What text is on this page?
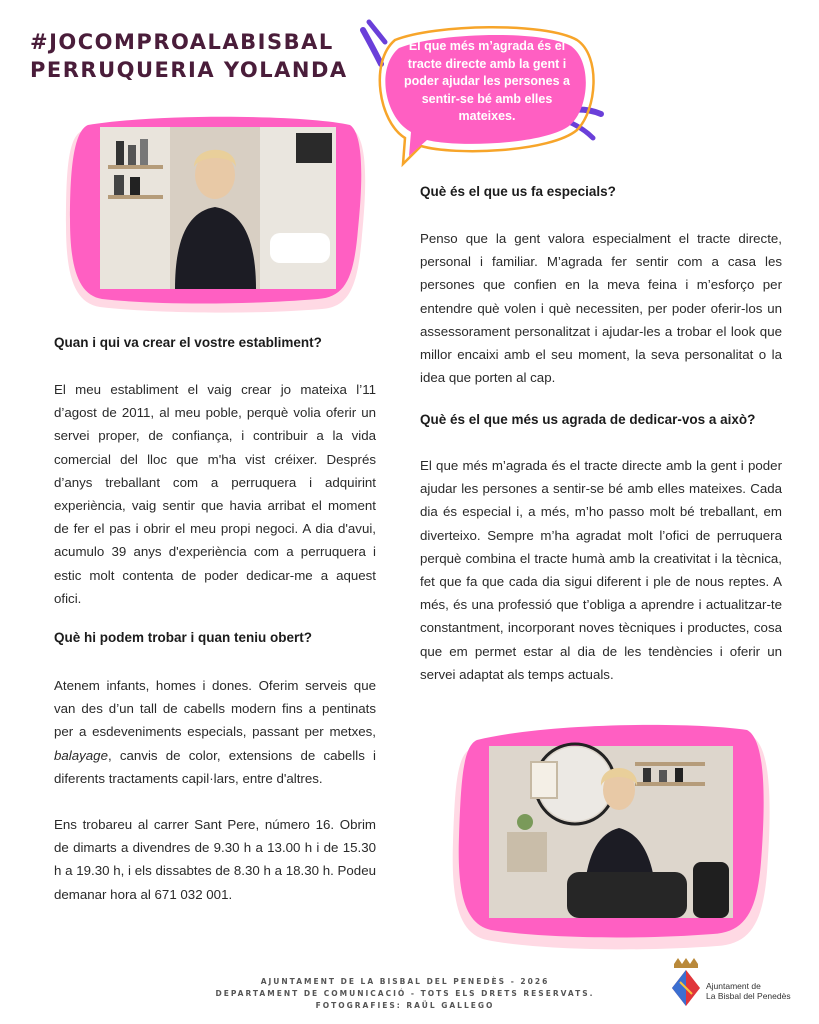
#JOCOMPROALABISBAL
PERRUQUERIA YOLANDA
El que més m’agrada és el tracte directe amb la gent i poder ajudar les persones a sentir-se bé amb elles mateixes.
Quan i qui va crear el vostre establiment?
El meu establiment el vaig crear jo mateixa l’11 d’agost de 2011, al meu poble, perquè volia oferir un servei proper, de confiança, i contribuir a la vida comercial del lloc que m'ha vist créixer. Després d’anys treballant com a perruquera i adquirint experiència, vaig sentir que havia arribat el moment de fer el pas i obrir el meu propi negoci. A dia d'avui, acumulo 39 anys d'experiència com a perruquera i estic molt contenta de poder dedicar-me a aquest ofici.
Què hi podem trobar i quan teniu obert?
Atenem infants, homes i dones. Oferim serveis que van des d’un tall de cabells modern fins a pentinats per a esdeveniments especials, passant per metxes, balayage, canvis de color, extensions de cabells i diferents tractaments capil·lars, entre d'altres.
Ens trobareu al carrer Sant Pere, número 16. Obrim de dimarts a divendres de 9.30 h a 13.00 h i de 15.30 h a 19.30 h, i els dissabtes de 8.30 h a 18.30 h. Podeu demanar hora al 671 032 001.
Què és el que us fa especials?
Penso que la gent valora especialment el tracte directe, personal i familiar. M’agrada fer sentir com a casa les persones que confien en la meva feina i m’esforço per entendre què volen i què necessiten, per poder oferir-los un assessorament personalitzat i ajudar-les a trobar el look que millor encaixi amb el seu moment, la seva personalitat o la idea que porten al cap.
Què és el que més us agrada de dedicar-vos a això?
El que més m’agrada és el tracte directe amb la gent i poder ajudar les persones a sentir-se bé amb elles mateixes. Cada dia és especial i, a més, m’ho passo molt bé treballant, em diverteixo. Sempre m’ha agradat molt l’ofici de perruquera perquè combina el tracte humà amb la creativitat i la tècnica, fet que fa que cada dia sigui diferent i ple de nous reptes. A més, és una professió que t’obliga a aprendre i actualitzar-te constantment, incorporant noves tècniques i productes, cosa que em permet estar al dia de les tendències i oferir un servei adaptat als temps actuals.
AJUNTAMENT DE LA BISBAL DEL PENEDÈS - 2026
DEPARTAMENT DE COMUNICACIÓ - TOTS ELS DRETS RESERVATS.
FOTOGRAFIES: RAÜL GALLEGO
Ajuntament de
La Bisbal del Penedès
